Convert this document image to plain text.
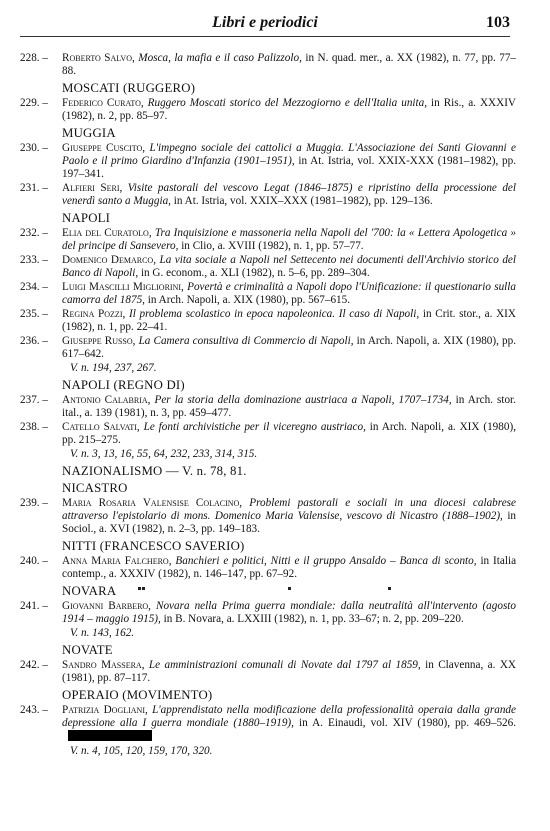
Libri e periodici	103
228. –	Roberto Salvo, Mosca, la mafia e il caso Palizzolo, in N. quad. mer., a. XX (1982), n. 77, pp. 77–88.
MOSCATI (RUGGERO)
229. –	Federico Curato, Ruggero Moscati storico del Mezzogiorno e dell'Italia unita, in Ris., a. XXXIV (1982), n. 2, pp. 85–97.
MUGGIA
230. –	Giuseppe Cuscito, L'impegno sociale dei cattolici a Muggia. L'Associazione dei Santi Giovanni e Paolo e il primo Giardino d'Infanzia (1901–1951), in At. Istria, vol. XXIX-XXX (1981–1982), pp. 197–341.
231. –	Alfieri Seri, Visite pastorali del vescovo Legat (1846–1875) e ripristino della processione del venerdì santo a Muggia, in At. Istria, vol. XXIX–XXX (1981–1982), pp. 129–136.
NAPOLI
232. –	Elia del Curatolo, Tra Inquisizione e massoneria nella Napoli del '700: la « Lettera Apologetica » del principe di Sansevero, in Clio, a. XVIII (1982), n. 1, pp. 57–77.
233. –	Domenico Demarco, La vita sociale a Napoli nel Settecento nei documenti dell'Archivio storico del Banco di Napoli, in G. econom., a. XLI (1982), n. 5–6, pp. 289–304.
234. –	Luigi Mascilli Migliorini, Povertà e criminalità a Napoli dopo l'Unificazione: il questionario sulla camorra del 1875, in Arch. Napoli, a. XIX (1980), pp. 567–615.
235. –	Regina Pozzi, Il problema scolastico in epoca napoleonica. Il caso di Napoli, in Crit. stor., a. XIX (1982), n. 1, pp. 22–41.
236. –	Giuseppe Russo, La Camera consultiva di Commercio di Napoli, in Arch. Napoli, a. XIX (1980), pp. 617–642.
V. n. 194, 237, 267.
NAPOLI (REGNO DI)
237. –	Antonio Calabria, Per la storia della dominazione austriaca a Napoli, 1707–1734, in Arch. stor. ital., a. 139 (1981), n. 3, pp. 459–477.
238. –	Catello Salvati, Le fonti archivistiche per il viceregno austriaco, in Arch. Napoli, a. XIX (1980), pp. 215–275.
V. n. 3, 13, 16, 55, 64, 232, 233, 314, 315.
NAZIONALISMO — V. n. 78, 81.
NICASTRO
239. –	Maria Rosaria Valensise Colacino, Problemi pastorali e sociali in una diocesi calabrese attraverso l'epistolario di mons. Domenico Maria Valensise, vescovo di Nicastro (1888–1902), in Sociol., a. XVI (1982), n. 2–3, pp. 149–183.
NITTI (FRANCESCO SAVERIO)
240. –	Anna Maria Falchero, Banchieri e politici, Nitti e il gruppo Ansaldo – Banca di sconto, in Italia contemp., a. XXXIV (1982), n. 146–147, pp. 67–92.
NOVARA
241. –	Giovanni Barbero, Novara nella Prima guerra mondiale: dalla neutralità all'intervento (agosto 1914 – maggio 1915), in B. Novara, a. LXXIII (1982), n. 1, pp. 33–67; n. 2, pp. 209–220.
V. n. 143, 162.
NOVATE
242. –	Sandro Massera, Le amministrazioni comunali di Novate dal 1797 al 1859, in Clavenna, a. XX (1981), pp. 87–117.
OPERAIO (MOVIMENTO)
243. –	Patrizia Dogliani, L'apprendistato nella modificazione della professionalità operaia dalla grande depressione alla I guerra mondiale (1880–1919), in A. Einaudi, vol. XIV (1980), pp. 469–526.
V. n. 4, 105, 120, 159, 170, 320.
